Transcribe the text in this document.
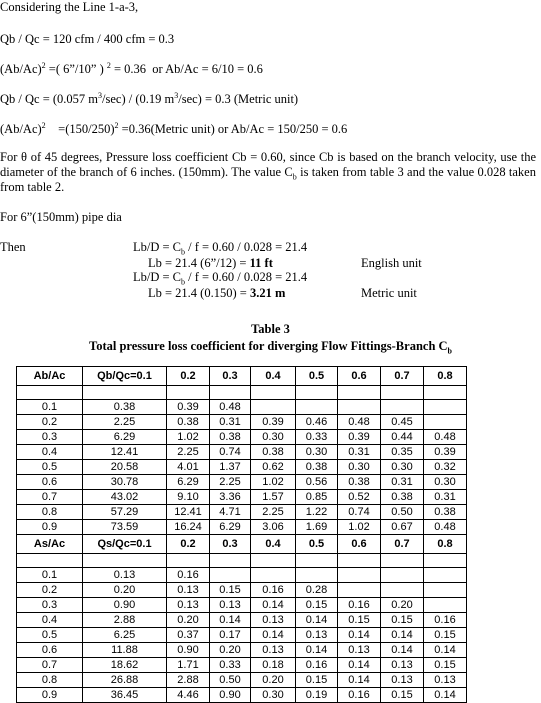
Considering the Line 1-a-3,
Qb / Qc = 120 cfm / 400 cfm = 0.3
$(Ab/Ac)^2$ =( 6”/10” ) $^2$ = 0.36  or Ab/Ac = 6/10 = 0.6
Qb / Qc = (0.057 $m^3/\sec) / (0.19$ $m^3/\sec) = 0.3$ (Metric unit)
$(Ab/Ac)^2$    $=(150/250)^2$ =0.36(Metric unit) or Ab/Ac = 150/250 = 0.6
For θ of 45 degrees, Pressure loss coefficient Cb = 0.60, since Cb is based on the branch velocity, use the diameter of the branch of 6 inches. (150mm). The value $C_b$ is taken from table 3 and the value 0.028 taken from table 2.
For 6”(150mm) pipe dia
Then	$Lb/D = C_b / f = 0.60 / 0.028 = 21.4$
Lb = 21.4 (6”/12) = 11 ft	English unit
$Lb/D = C_b / f = 0.60 / 0.028 = 21.4$
Lb = 21.4 (0.150) = 3.21 m	Metric unit
Table 3
Total pressure loss coefficient for diverging Flow Fittings-Branch $C_b$
Ab/Ac	Qb/Qc=0.1	0.2	0.3	0.4	0.5	0.6	0.7	0.8

0.1	0.38	0.39	0.48					
0.2	2.25	0.38	0.31	0.39	0.46	0.48	0.45	
0.3	6.29	1.02	0.38	0.30	0.33	0.39	0.44	0.48
0.4	12.41	2.25	0.74	0.38	0.30	0.31	0.35	0.39
0.5	20.58	4.01	1.37	0.62	0.38	0.30	0.30	0.32
0.6	30.78	6.29	2.25	1.02	0.56	0.38	0.31	0.30
0.7	43.02	9.10	3.36	1.57	0.85	0.52	0.38	0.31
0.8	57.29	12.41	4.71	2.25	1.22	0.74	0.50	0.38
0.9	73.59	16.24	6.29	3.06	1.69	1.02	0.67	0.48
As/Ac	Qs/Qc=0.1	0.2	0.3	0.4	0.5	0.6	0.7	0.8

0.1	0.13	0.16						
0.2	0.20	0.13	0.15	0.16	0.28			
0.3	0.90	0.13	0.13	0.14	0.15	0.16	0.20	
0.4	2.88	0.20	0.14	0.13	0.14	0.15	0.15	0.16
0.5	6.25	0.37	0.17	0.14	0.13	0.14	0.14	0.15
0.6	11.88	0.90	0.20	0.13	0.14	0.13	0.14	0.14
0.7	18.62	1.71	0.33	0.18	0.16	0.14	0.13	0.15
0.8	26.88	2.88	0.50	0.20	0.15	0.14	0.13	0.13
0.9	36.45	4.46	0.90	0.30	0.19	0.16	0.15	0.14
